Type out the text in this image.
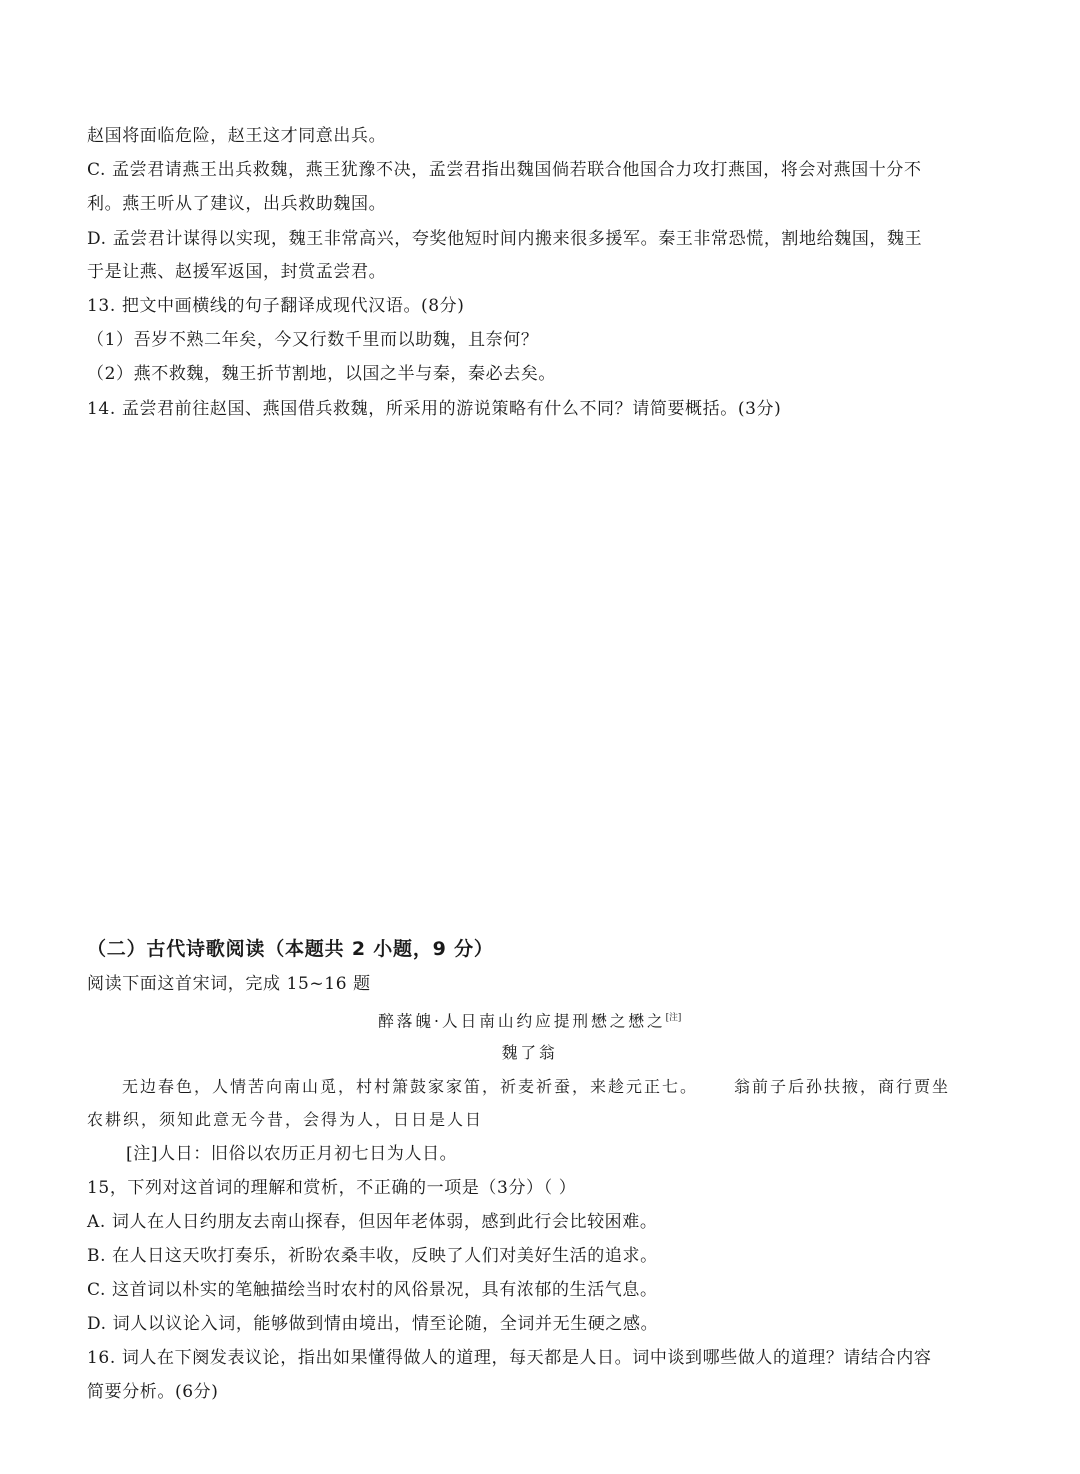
赵国将面临危险，赵王这才同意出兵。
C. 孟尝君请燕王出兵救魏，燕王犹豫不决，孟尝君指出魏国倘若联合他国合力攻打燕国，将会对燕国十分不
利。燕王听从了建议，出兵救助魏国。
D. 孟尝君计谋得以实现，魏王非常高兴，夸奖他短时间内搬来很多援军。秦王非常恐慌，割地给魏国，魏王
于是让燕、赵援军返国，封赏孟尝君。
13. 把文中画横线的句子翻译成现代汉语。(8分)
（1）吾岁不熟二年矣，今又行数千里而以助魏，且奈何？
（2）燕不救魏，魏王折节割地，以国之半与秦，秦必去矣。
14. 孟尝君前往赵国、燕国借兵救魏，所采用的游说策略有什么不同？请简要概括。(3分)
（二）古代诗歌阅读（本题共 2 小题，9 分）
阅读下面这首宋词，完成 15~16 题
醉落魄·人日南山约应提刑懋之懋之[注]
魏了翁
无边春色，人情苦向南山觅，村村箫鼓家家笛，祈麦祈蚕，来趁元正七。 翁前子后孙扶掖，商行贾坐
农耕织，须知此意无今昔，会得为人，日日是人日
[注]人日：旧俗以农历正月初七日为人日。
15，下列对这首词的理解和赏析，不正确的一项是（3分）（ ）
A. 词人在人日约朋友去南山探春，但因年老体弱，感到此行会比较困难。
B. 在人日这天吹打奏乐，祈盼农桑丰收，反映了人们对美好生活的追求。
C. 这首词以朴实的笔触描绘当时农村的风俗景况，具有浓郁的生活气息。
D. 词人以议论入词，能够做到情由境出，情至论随，全词并无生硬之感。
16. 词人在下阕发表议论，指出如果懂得做人的道理，每天都是人日。词中谈到哪些做人的道理？请结合内容
简要分析。(6分)
